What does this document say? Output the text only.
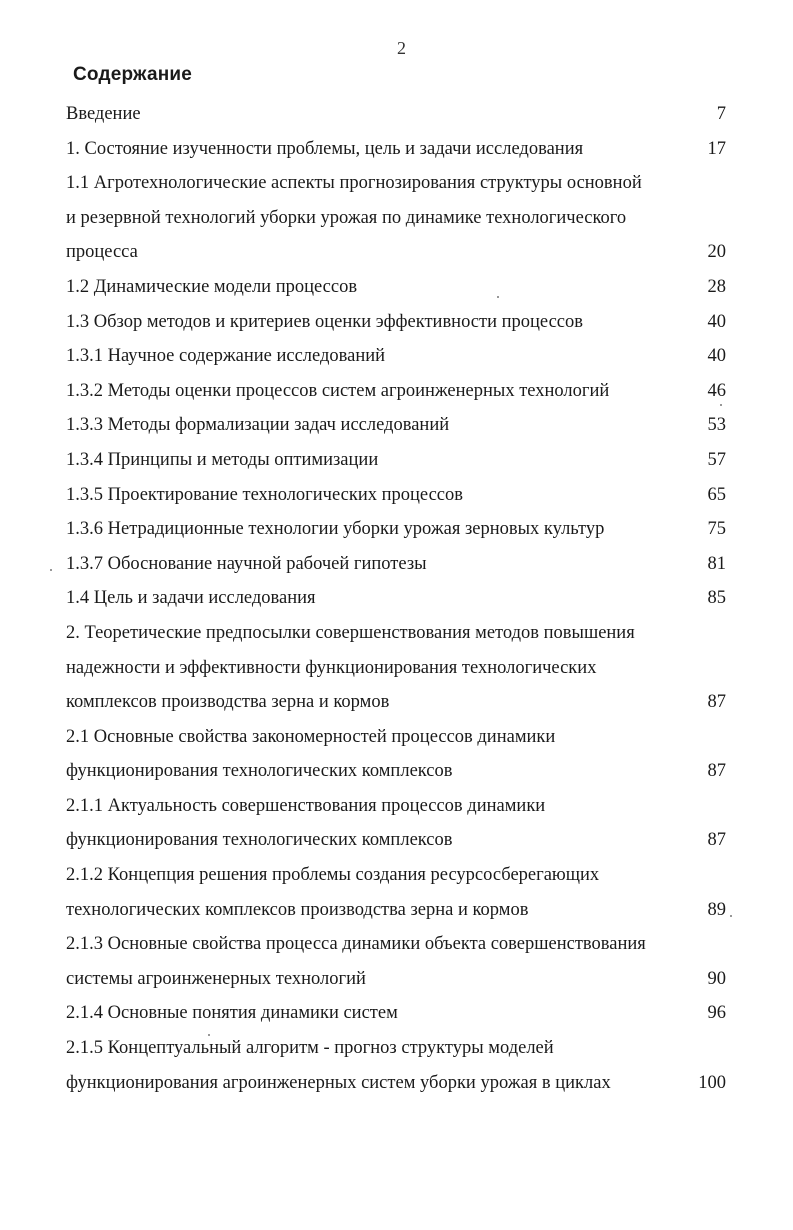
2
Содержание
Введение	7
1. Состояние изученности проблемы, цель и задачи исследования	17
1.1 Агротехнологические аспекты прогнозирования структуры основной
и резервной технологий уборки урожая по динамике технологического
процесса	20
1.2 Динамические модели процессов	28
1.3 Обзор методов и критериев оценки эффективности процессов	40
1.3.1 Научное содержание исследований	40
1.3.2 Методы оценки процессов систем агроинженерных технологий	46
1.3.3 Методы формализации задач исследований	53
1.3.4 Принципы и методы оптимизации	57
1.3.5 Проектирование технологических процессов	65
1.3.6 Нетрадиционные технологии уборки урожая зерновых культур	75
1.3.7 Обоснование научной рабочей гипотезы	81
1.4 Цель и задачи исследования	85
2. Теоретические предпосылки совершенствования методов повышения
надежности и эффективности функционирования технологических
комплексов производства зерна и кормов	87
2.1 Основные свойства закономерностей процессов динамики
функционирования технологических комплексов	87
2.1.1 Актуальность совершенствования процессов динамики
функционирования технологических комплексов	87
2.1.2 Концепция решения проблемы создания ресурсосберегающих
технологических комплексов производства зерна и кормов	89
2.1.3 Основные свойства процесса динамики объекта совершенствования
системы агроинженерных технологий	90
2.1.4 Основные понятия динамики систем	96
2.1.5 Концептуальный алгоритм - прогноз структуры моделей
функционирования агроинженерных систем уборки урожая в циклах	100
